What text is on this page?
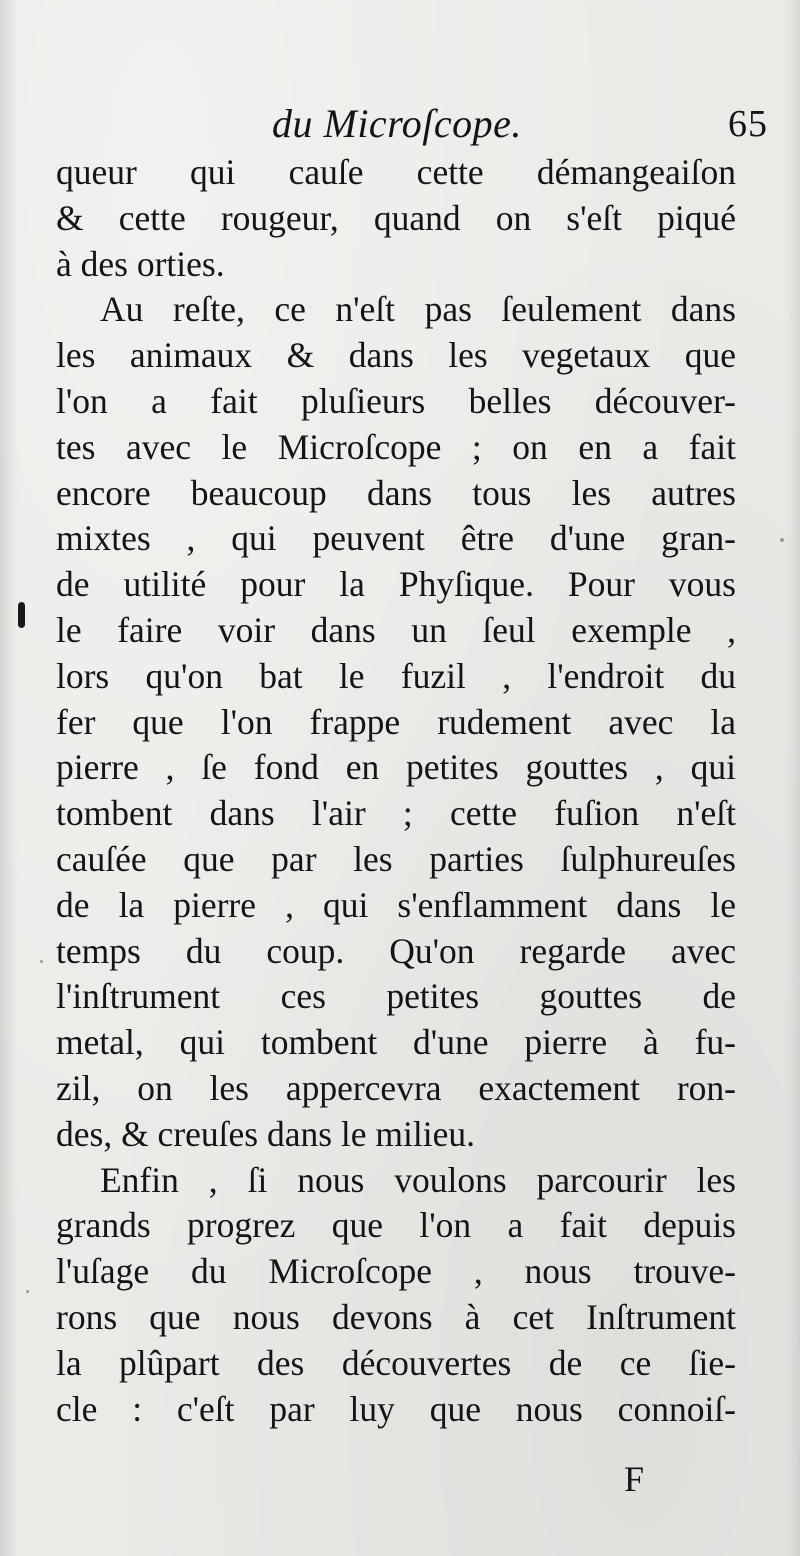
du Microſcope.	65
queur qui cauſe cette démangeaiſon
& cette rougeur, quand on s'eſt piqué
à des orties.
Au reſte, ce n'eſt pas ſeulement dans
les animaux & dans les vegetaux que
l'on a fait pluſieurs belles découver-
tes avec le Microſcope ; on en a fait
encore beaucoup dans tous les autres
mixtes , qui peuvent être d'une gran-
de utilité pour la Phyſique. Pour vous
le faire voir dans un ſeul exemple ,
lors qu'on bat le fuzil , l'endroit du
fer que l'on frappe rudement avec la
pierre , ſe fond en petites gouttes , qui
tombent dans l'air ; cette fuſion n'eſt
cauſée que par les parties ſulphureuſes
de la pierre , qui s'enflamment dans le
temps du coup. Qu'on regarde avec
l'inſtrument ces petites gouttes de
metal, qui tombent d'une pierre à fu-
zil, on les appercevra exactement ron-
des, & creuſes dans le milieu.
Enfin , ſi nous voulons parcourir les
grands progrez que l'on a fait depuis
l'uſage du Microſcope , nous trouve-
rons que nous devons à cet Inſtrument
la plûpart des découvertes de ce ſie-
cle : c'eſt par luy que nous connoiſ-
F
